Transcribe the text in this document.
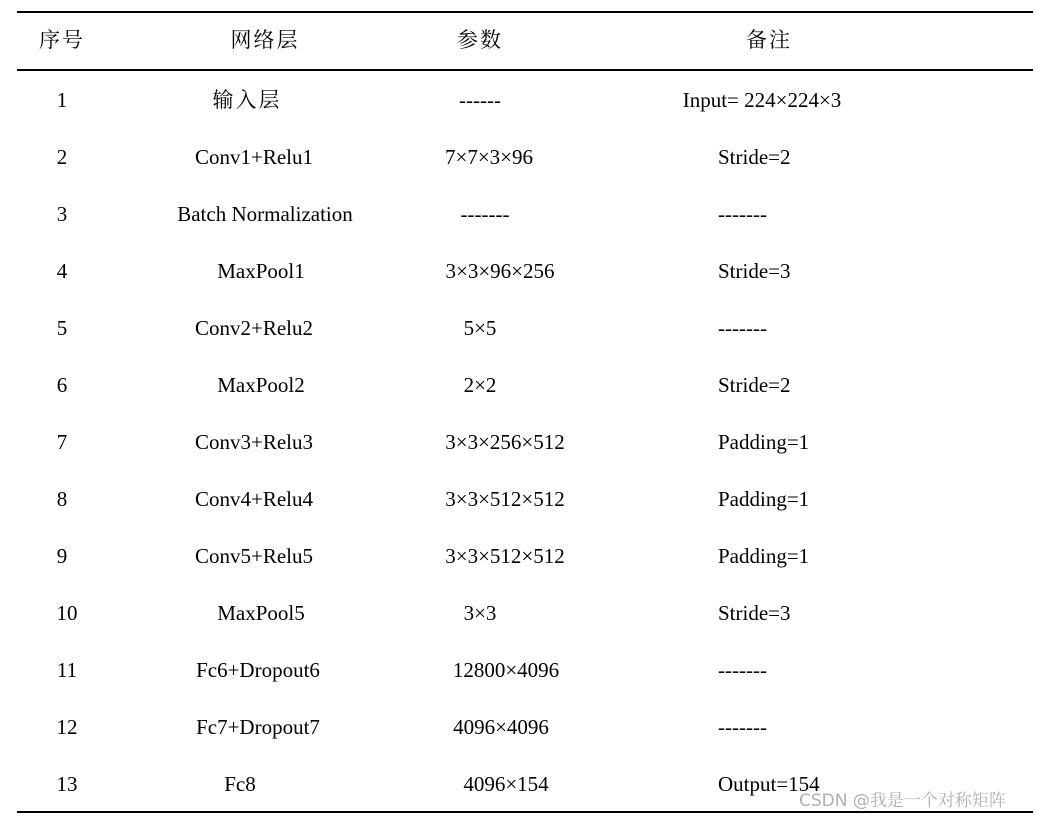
序号	网络层	参数	备注
1	输入层	------	Input= 224×224×3
2	Conv1+Relu1	7×7×3×96	Stride=2
3	Batch Normalization	-------	-------
4	MaxPool1	3×3×96×256	Stride=3
5	Conv2+Relu2	5×5	-------
6	MaxPool2	2×2	Stride=2
7	Conv3+Relu3	3×3×256×512	Padding=1
8	Conv4+Relu4	3×3×512×512	Padding=1
9	Conv5+Relu5	3×3×512×512	Padding=1
10	MaxPool5	3×3	Stride=3
11	Fc6+Dropout6	12800×4096	-------
12	Fc7+Dropout7	4096×4096	-------
13	Fc8	4096×154	Output=154
CSDN @我是一个对称矩阵
